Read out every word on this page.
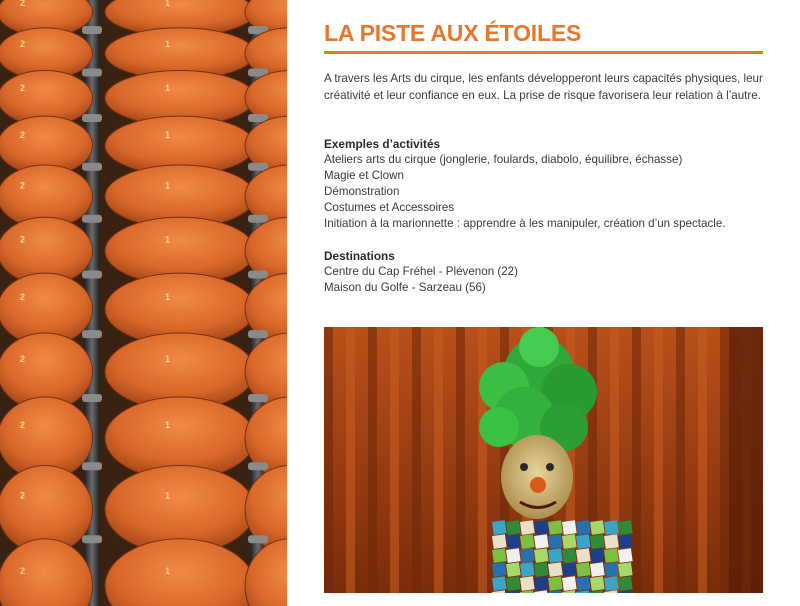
2	1
2	1
2	1
2	1
2	1
2	1
2	1
2	1
2	1
2	1
2	1
LA PISTE AUX ÉTOILES

A travers les Arts du cirque, les enfants développeront leurs capacités physiques, leur créativité et leur confiance en eux. La prise de risque favorisera leur relation à l’autre.

Exemples d’activités
Ateliers arts du cirque (jonglerie, foulards, diabolo, équilibre, échasse)
Magie et Clown
Démonstration
Costumes et Accessoires
Initiation à la marionnette : apprendre à les manipuler, création d’un spectacle.
Destinations
Centre du Cap Fréhel - Plévenon (22)
Maison du Golfe - Sarzeau (56)
